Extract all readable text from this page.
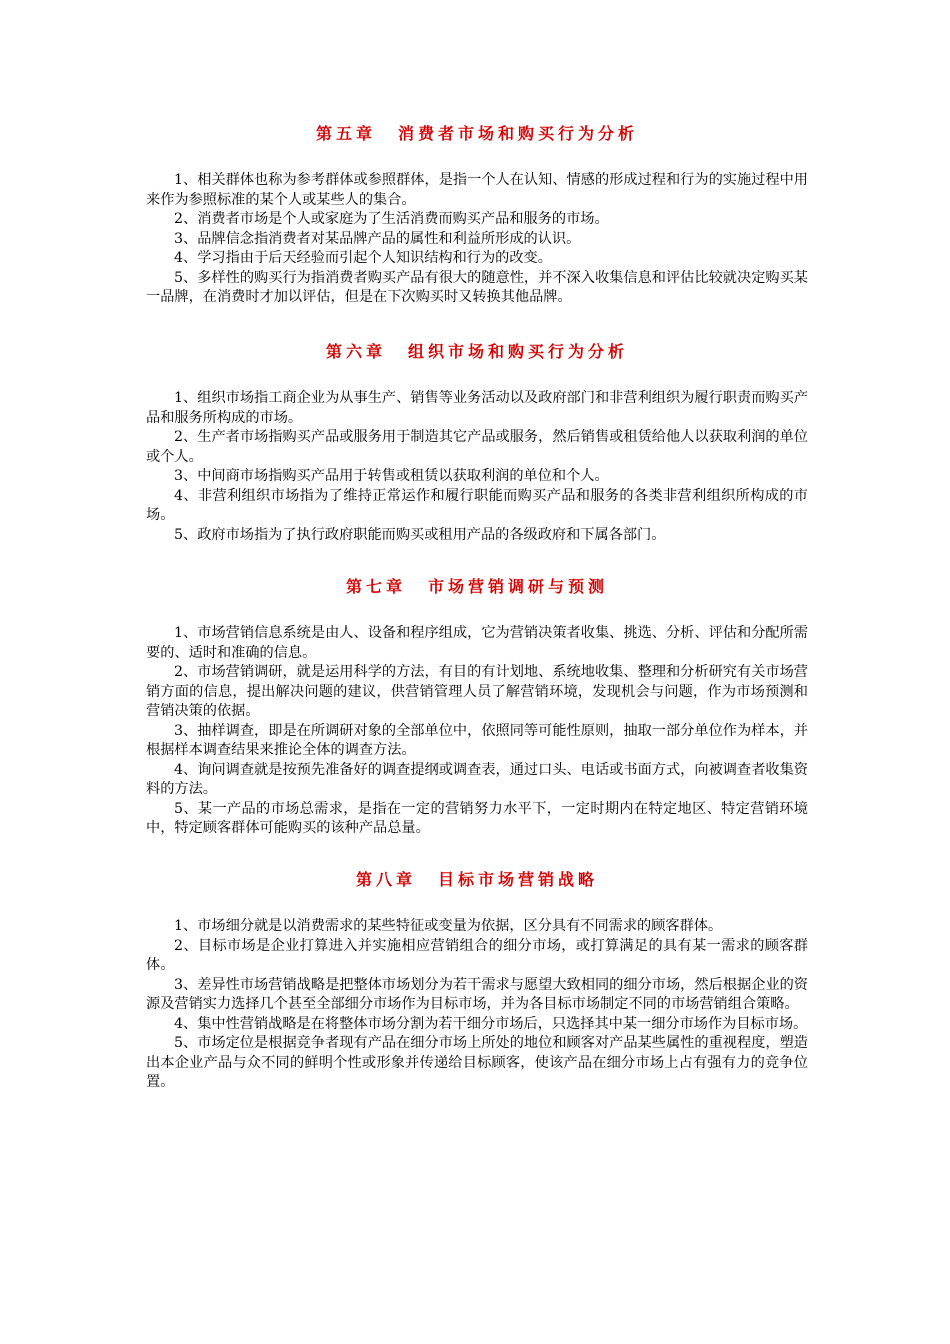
第五章 消费者市场和购买行为分析

1、相关群体也称为参考群体或参照群体，是指一个人在认知、情感的形成过程和行为的实施过程中用来作为参照标准的某个人或某些人的集合。

2、消费者市场是个人或家庭为了生活消费而购买产品和服务的市场。

3、品牌信念指消费者对某品牌产品的属性和利益所形成的认识。

4、学习指由于后天经验而引起个人知识结构和行为的改变。

5、多样性的购买行为指消费者购买产品有很大的随意性，并不深入收集信息和评估比较就决定购买某一品牌，在消费时才加以评估，但是在下次购买时又转换其他品牌。

第六章 组织市场和购买行为分析

1、组织市场指工商企业为从事生产、销售等业务活动以及政府部门和非营利组织为履行职责而购买产品和服务所构成的市场。

2、生产者市场指购买产品或服务用于制造其它产品或服务，然后销售或租赁给他人以获取利润的单位或个人。

3、中间商市场指购买产品用于转售或租赁以获取利润的单位和个人。

4、非营利组织市场指为了维持正常运作和履行职能而购买产品和服务的各类非营利组织所构成的市场。

5、政府市场指为了执行政府职能而购买或租用产品的各级政府和下属各部门。

第七章 市场营销调研与预测

1、市场营销信息系统是由人、设备和程序组成，它为营销决策者收集、挑选、分析、评估和分配所需要的、适时和准确的信息。

2、市场营销调研，就是运用科学的方法，有目的有计划地、系统地收集、整理和分析研究有关市场营销方面的信息，提出解决问题的建议，供营销管理人员了解营销环境，发现机会与问题，作为市场预测和营销决策的依据。

3、抽样调查，即是在所调研对象的全部单位中，依照同等可能性原则，抽取一部分单位作为样本，并根据样本调查结果来推论全体的调查方法。

4、询问调查就是按预先准备好的调查提纲或调查表，通过口头、电话或书面方式，向被调查者收集资料的方法。

5、某一产品的市场总需求，是指在一定的营销努力水平下，一定时期内在特定地区、特定营销环境中，特定顾客群体可能购买的该种产品总量。

第八章 目标市场营销战略

1、市场细分就是以消费需求的某些特征或变量为依据，区分具有不同需求的顾客群体。

2、目标市场是企业打算进入并实施相应营销组合的细分市场，或打算满足的具有某一需求的顾客群体。

3、差异性市场营销战略是把整体市场划分为若干需求与愿望大致相同的细分市场，然后根据企业的资源及营销实力选择几个甚至全部细分市场作为目标市场，并为各目标市场制定不同的市场营销组合策略。

4、集中性营销战略是在将整体市场分割为若干细分市场后，只选择其中某一细分市场作为目标市场。

5、市场定位是根据竞争者现有产品在细分市场上所处的地位和顾客对产品某些属性的重视程度，塑造出本企业产品与众不同的鲜明个性或形象并传递给目标顾客，使该产品在细分市场上占有强有力的竞争位置。
